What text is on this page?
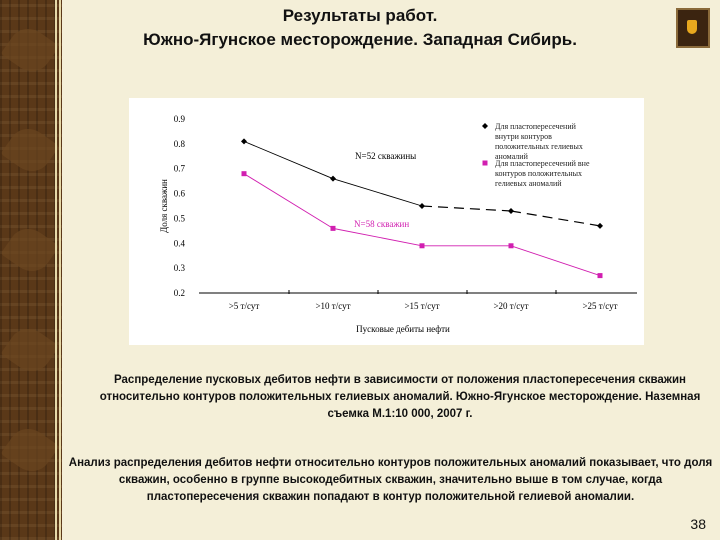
Результаты работ.
Южно-Ягунское месторождение. Западная Сибирь.
0.9
0.8
0.7
0.6
0.5
0.4
0.3
0.2
>5 т/сут	>10 т/сут	>15 т/сут	>20 т/сут	>25 т/сут
Пусковые дебиты нефти
Доля скважин
N=52 скважины
N=58 скважин
Для пластопересечений внутри контуров положительных гелиевых аномалий
Для пластопересечений вне контуров положительных гелиевых аномалий
Распределение пусковых дебитов нефти в зависимости от положения пластопересечения скважин относительно контуров положительных гелиевых аномалий. Южно-Ягунское месторождение. Наземная съемка М.1:10 000, 2007 г.
Анализ распределения дебитов нефти относительно контуров положительных аномалий показывает, что доля скважин, особенно в группе высокодебитных скважин, значительно выше в том случае, когда пластопересечения скважин попадают в контур положительной гелиевой аномалии.
38
